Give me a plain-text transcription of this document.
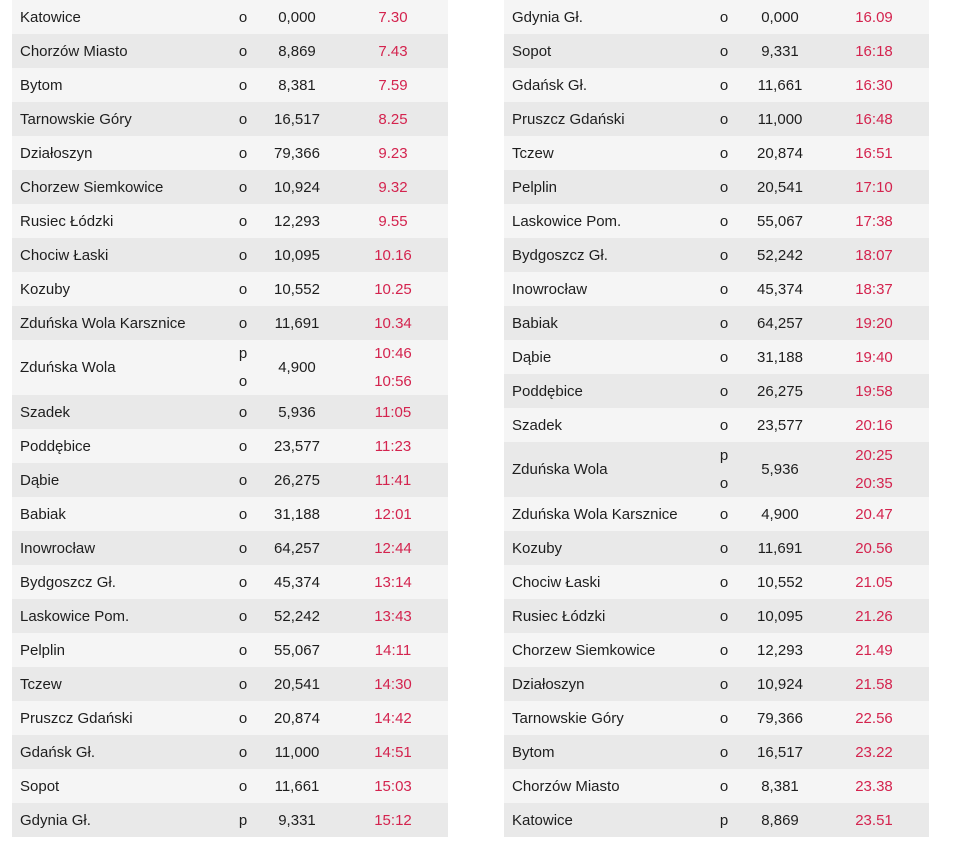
Katowice	o	0,000	7.30
Chorzów Miasto	o	8,869	7.43
Bytom	o	8,381	7.59
Tarnowskie Góry	o	16,517	8.25
Działoszyn	o	79,366	9.23
Chorzew Siemkowice	o	10,924	9.32
Rusiec Łódzki	o	12,293	9.55
Chociw Łaski	o	10,095	10.16
Kozuby	o	10,552	10.25
Zduńska Wola Karsznice	o	11,691	10.34
Zduńska Wola	p	4,900	10:46
	o		10:56
Szadek	o	5,936	11:05
Poddębice	o	23,577	11:23
Dąbie	o	26,275	11:41
Babiak	o	31,188	12:01
Inowrocław	o	64,257	12:44
Bydgoszcz Gł.	o	45,374	13:14
Laskowice Pom.	o	52,242	13:43
Pelplin	o	55,067	14:11
Tczew	o	20,541	14:30
Pruszcz Gdański	o	20,874	14:42
Gdańsk Gł.	o	11,000	14:51
Sopot	o	11,661	15:03
Gdynia Gł.	p	9,331	15:12
Gdynia Gł.	o	0,000	16.09
Sopot	o	9,331	16:18
Gdańsk Gł.	o	11,661	16:30
Pruszcz Gdański	o	11,000	16:48
Tczew	o	20,874	16:51
Pelplin	o	20,541	17:10
Laskowice Pom.	o	55,067	17:38
Bydgoszcz Gł.	o	52,242	18:07
Inowrocław	o	45,374	18:37
Babiak	o	64,257	19:20
Dąbie	o	31,188	19:40
Poddębice	o	26,275	19:58
Szadek	o	23,577	20:16
Zduńska Wola	p	5,936	20:25
	o		20:35
Zduńska Wola Karsznice	o	4,900	20.47
Kozuby	o	11,691	20.56
Chociw Łaski	o	10,552	21.05
Rusiec Łódzki	o	10,095	21.26
Chorzew Siemkowice	o	12,293	21.49
Działoszyn	o	10,924	21.58
Tarnowskie Góry	o	79,366	22.56
Bytom	o	16,517	23.22
Chorzów Miasto	o	8,381	23.38
Katowice	p	8,869	23.51
